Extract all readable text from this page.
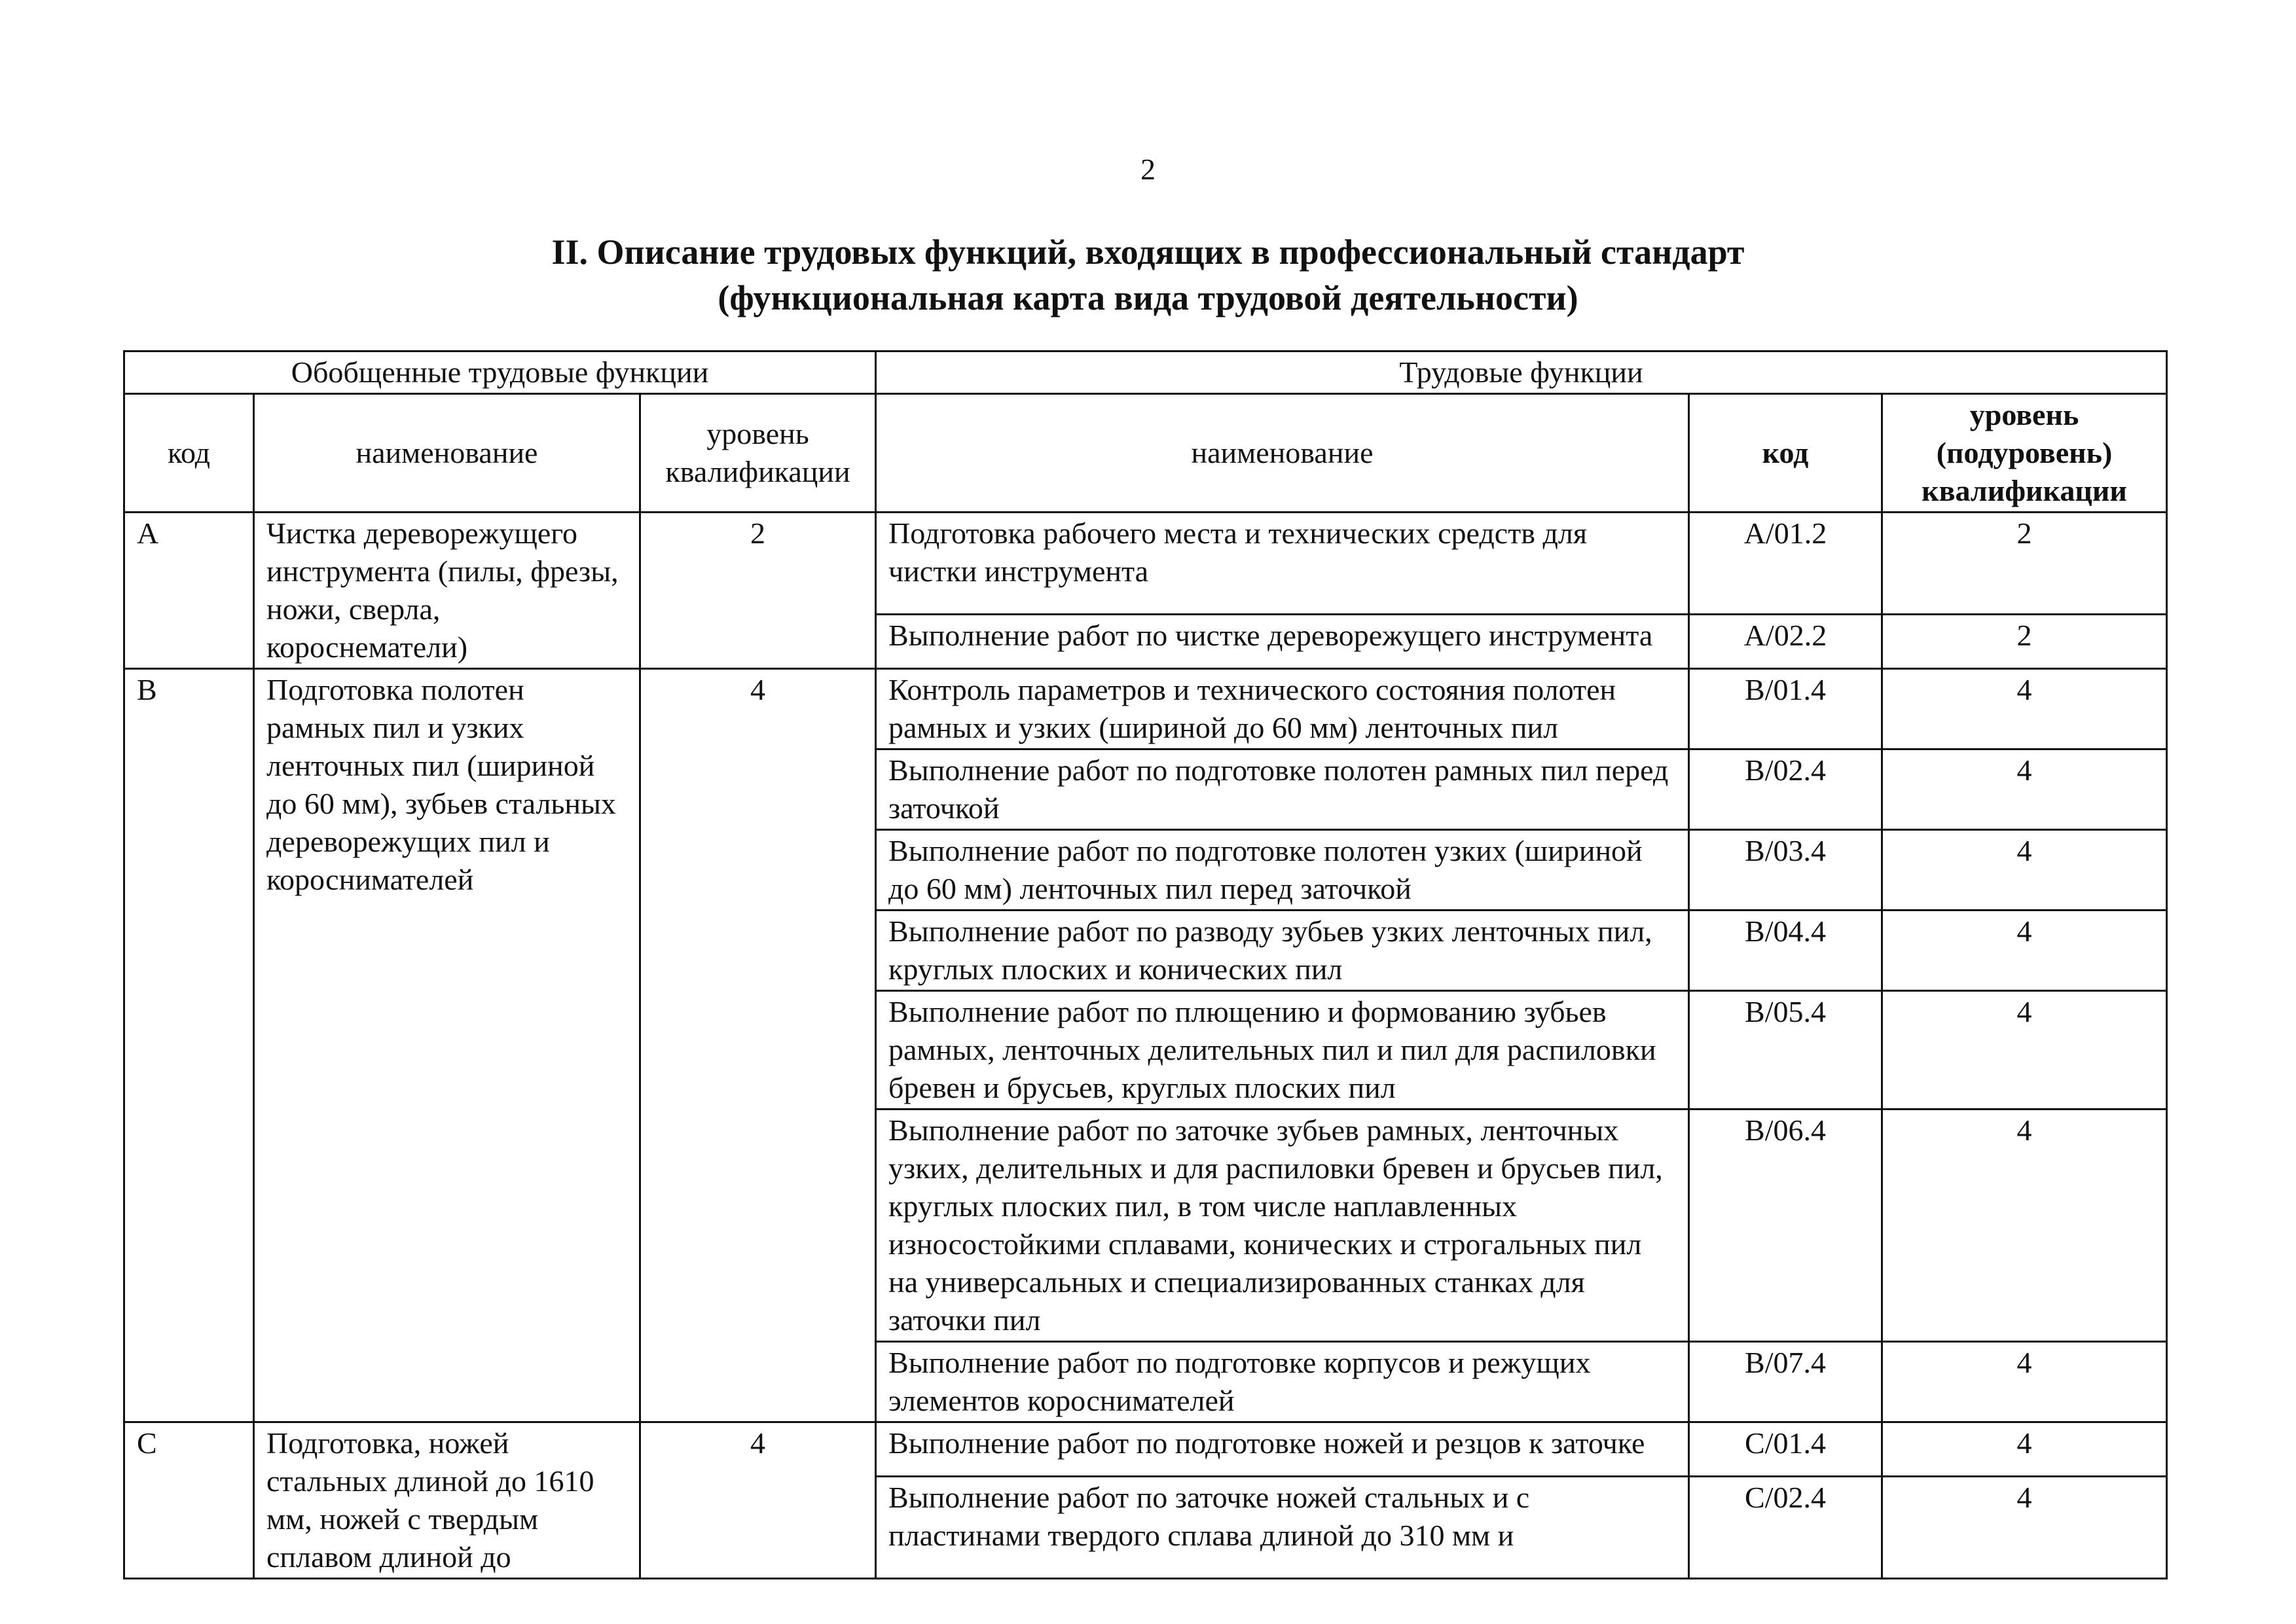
2
II. Описание трудовых функций, входящих в профессиональный стандарт
(функциональная карта вида трудовой деятельности)
Обобщенные трудовые функции			Трудовые функции		
код	наименование	уровень квалификации	наименование	код	уровень (подуровень) квалификации
A	Чистка дереворежущего инструмента (пилы, фрезы, ножи, сверла, короснематели)	2	Подготовка рабочего места и технических средств для чистки инструмента	A/01.2	2
			Выполнение работ по чистке дереворежущего инструмента	A/02.2	2
B	Подготовка полотен рамных пил и узких ленточных пил (шириной до 60 мм), зубьев стальных дереворежущих пил и короснимателей	4	Контроль параметров и технического состояния полотен рамных и узких (шириной до 60 мм) ленточных пил	B/01.4	4
			Выполнение работ по подготовке полотен рамных пил перед заточкой	B/02.4	4
			Выполнение работ по подготовке полотен узких (шириной до 60 мм) ленточных пил перед заточкой	B/03.4	4
			Выполнение работ по разводу зубьев узких ленточных пил, круглых плоских и конических пил	B/04.4	4
			Выполнение работ по плющению и формованию зубьев рамных, ленточных делительных пил и пил для распиловки бревен и брусьев, круглых плоских пил	B/05.4	4
			Выполнение работ по заточке зубьев рамных, ленточных узких, делительных и для распиловки бревен и брусьев пил, круглых плоских пил, в том числе наплавленных износостойкими сплавами, конических и строгальных пил на универсальных и специализированных станках для заточки пил	B/06.4	4
			Выполнение работ по подготовке корпусов и режущих элементов короснимателей	B/07.4	4
C	Подготовка, ножей стальных длиной до 1610 мм, ножей с твердым сплавом длиной до	4	Выполнение работ по подготовке ножей и резцов к заточке	C/01.4	4
			Выполнение работ по заточке ножей стальных и с пластинами твердого сплава длиной до 310 мм и	C/02.4	4
